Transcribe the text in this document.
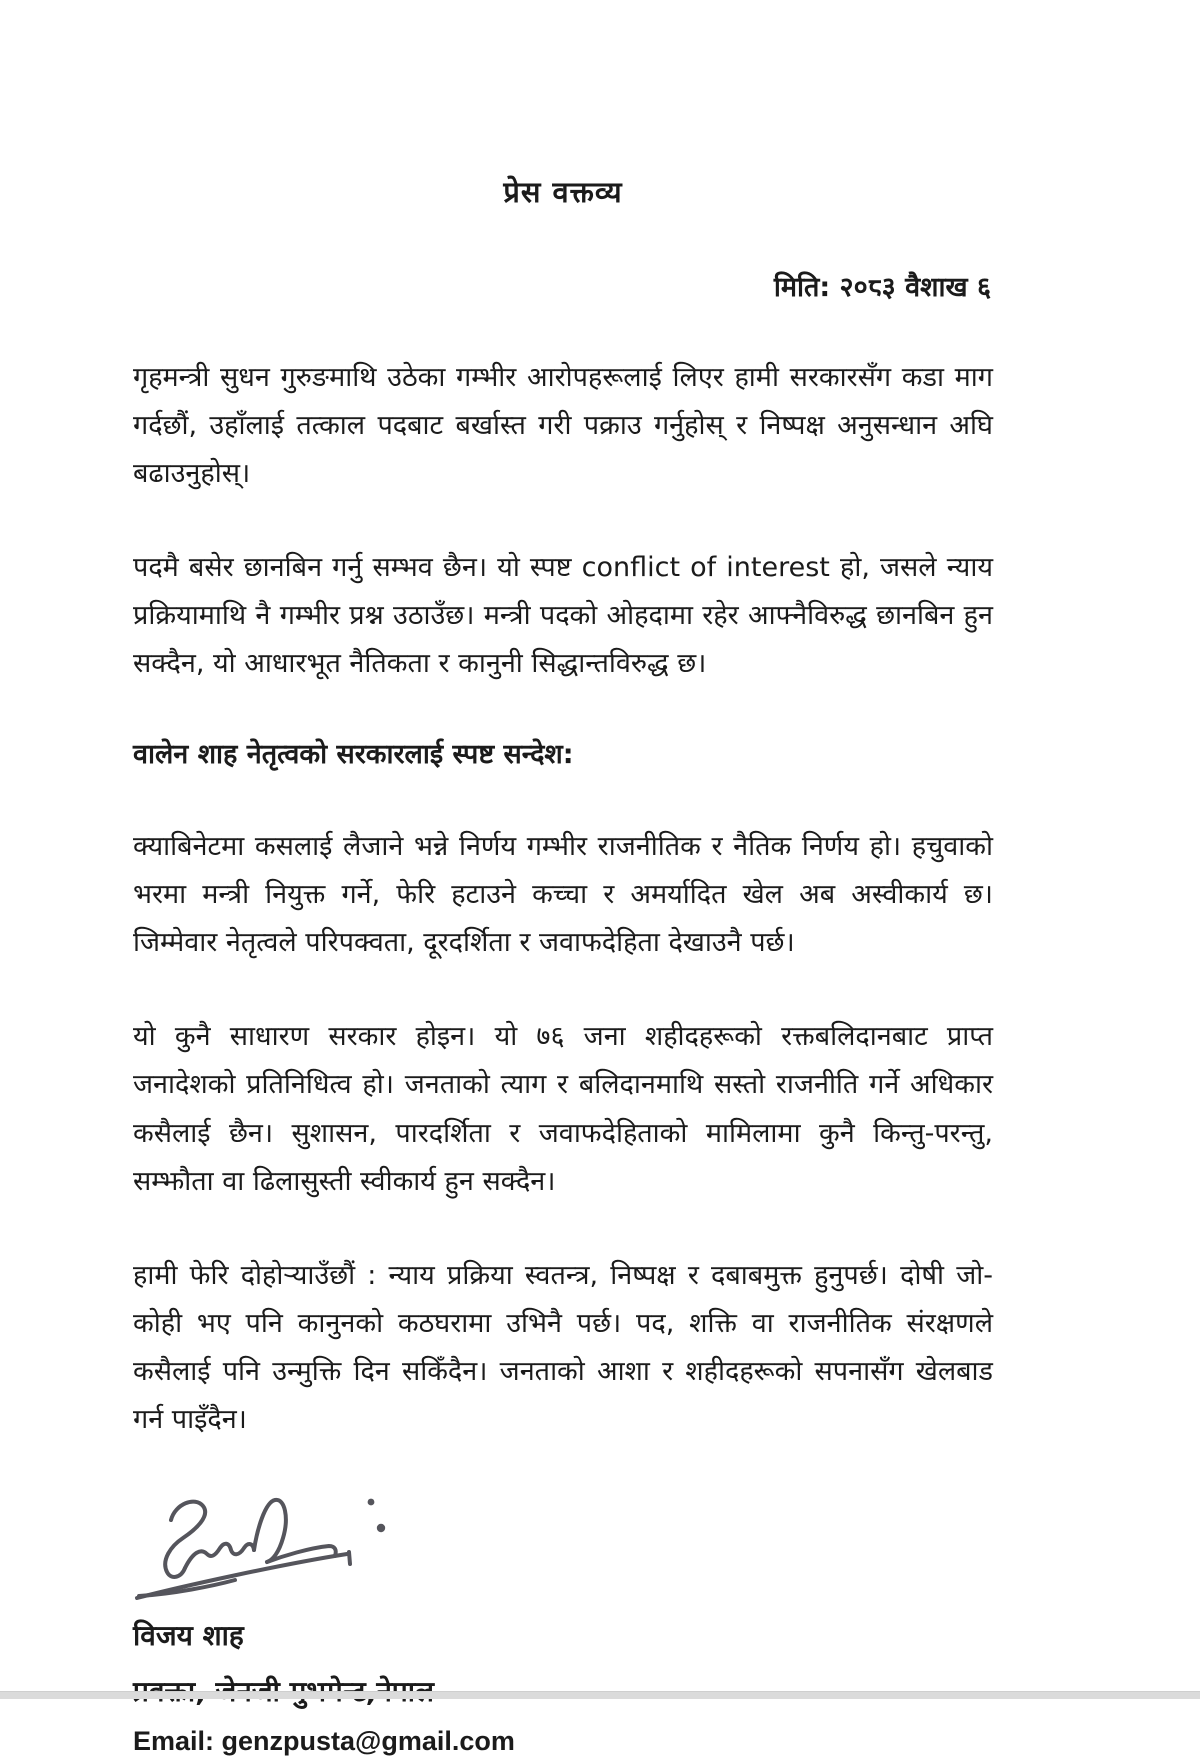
प्रेस वक्तव्य
मिति: २०८३ वैशाख ६

गृहमन्त्री सुधन गुरुङमाथि उठेका गम्भीर आरोपहरूलाई लिएर हामी सरकारसँग कडा माग गर्दछौं, उहाँलाई तत्काल पदबाट बर्खास्त गरी पक्राउ गर्नुहोस् र निष्पक्ष अनुसन्धान अघि बढाउनुहोस्।

पदमै बसेर छानबिन गर्नु सम्भव छैन। यो स्पष्ट conflict of interest हो, जसले न्याय प्रक्रियामाथि नै गम्भीर प्रश्न उठाउँछ। मन्त्री पदको ओहदामा रहेर आफ्नैविरुद्ध छानबिन हुन सक्दैन, यो आधारभूत नैतिकता र कानुनी सिद्धान्तविरुद्ध छ।

वालेन शाह नेतृत्वको सरकारलाई स्पष्ट सन्देश:

क्याबिनेटमा कसलाई लैजाने भन्ने निर्णय गम्भीर राजनीतिक र नैतिक निर्णय हो। हचुवाको भरमा मन्त्री नियुक्त गर्ने, फेरि हटाउने कच्चा र अमर्यादित खेल अब अस्वीकार्य छ। जिम्मेवार नेतृत्वले परिपक्वता, दूरदर्शिता र जवाफदेहिता देखाउनै पर्छ।

यो कुनै साधारण सरकार होइन। यो ७६ जना शहीदहरूको रक्तबलिदानबाट प्राप्त जनादेशको प्रतिनिधित्व हो। जनताको त्याग र बलिदानमाथि सस्तो राजनीति गर्ने अधिकार कसैलाई छैन। सुशासन, पारदर्शिता र जवाफदेहिताको मामिलामा कुनै किन्तु-परन्तु, सम्झौता वा ढिलासुस्ती स्वीकार्य हुन सक्दैन।

हामी फेरि दोहोऱ्याउँछौं : न्याय प्रक्रिया स्वतन्त्र, निष्पक्ष र दबाबमुक्त हुनुपर्छ। दोषी जो-कोही भए पनि कानुनको कठघरामा उभिनै पर्छ। पद, शक्ति वा राजनीतिक संरक्षणले कसैलाई पनि उन्मुक्ति दिन सकिँदैन। जनताको आशा र शहीदहरूको सपनासँग खेलबाड गर्न पाइँदैन।

विजय शाह
Email: genzpusta@gmail.com
